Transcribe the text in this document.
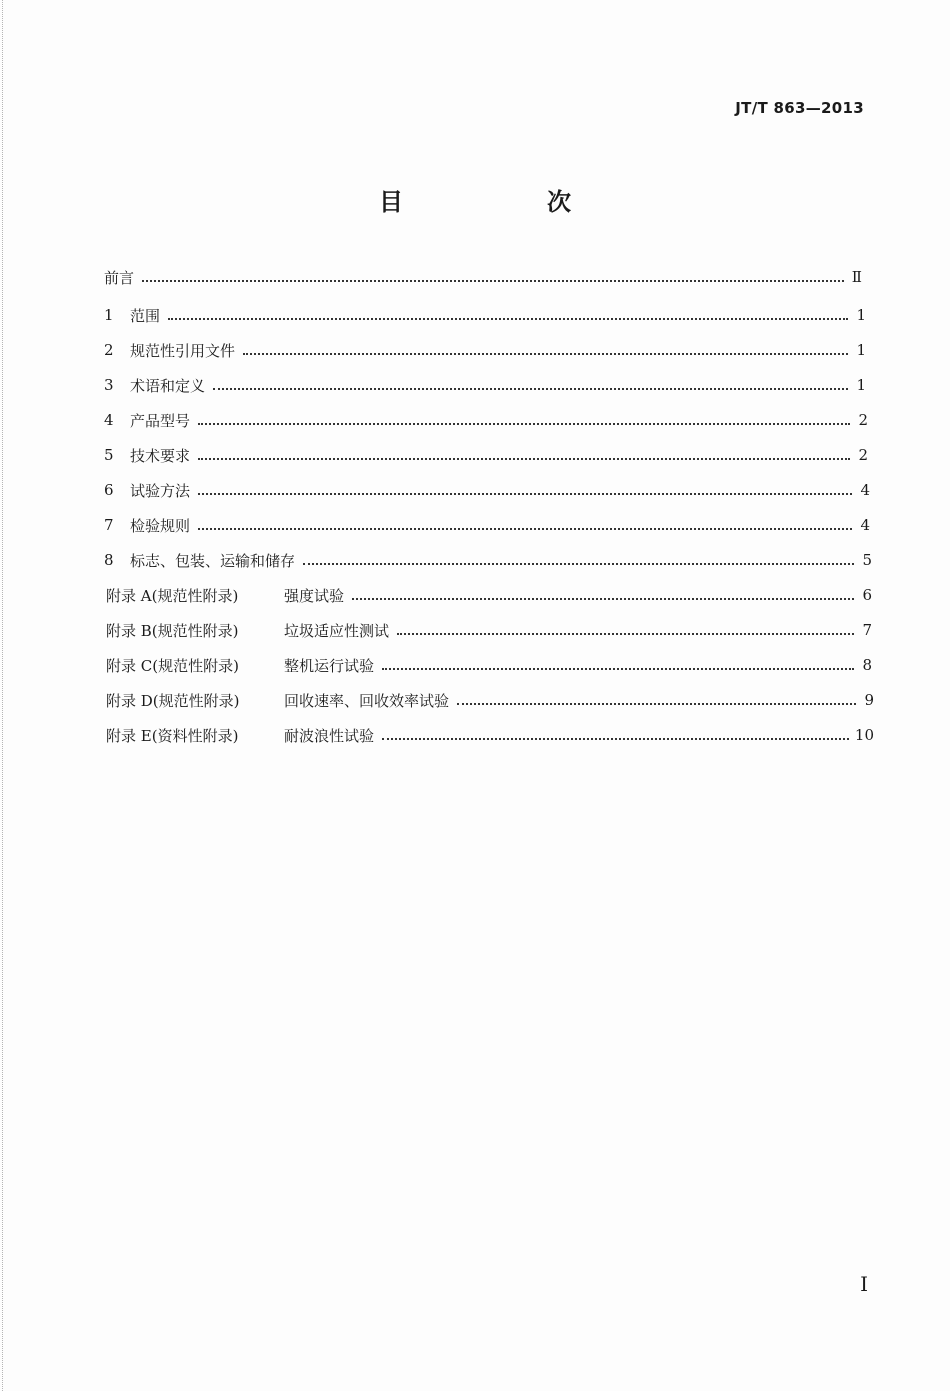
JT/T 863—2013
目　次
前言	Ⅱ
1	范围	1
2	规范性引用文件	1
3	术语和定义	1
4	产品型号	2
5	技术要求	2
6	试验方法	4
7	检验规则	4
8	标志、包装、运输和储存	5
附录 A(规范性附录)	强度试验	6
附录 B(规范性附录)	垃圾适应性测试	7
附录 C(规范性附录)	整机运行试验	8
附录 D(规范性附录)	回收速率、回收效率试验	9
附录 E(资料性附录)	耐波浪性试验	10
I
